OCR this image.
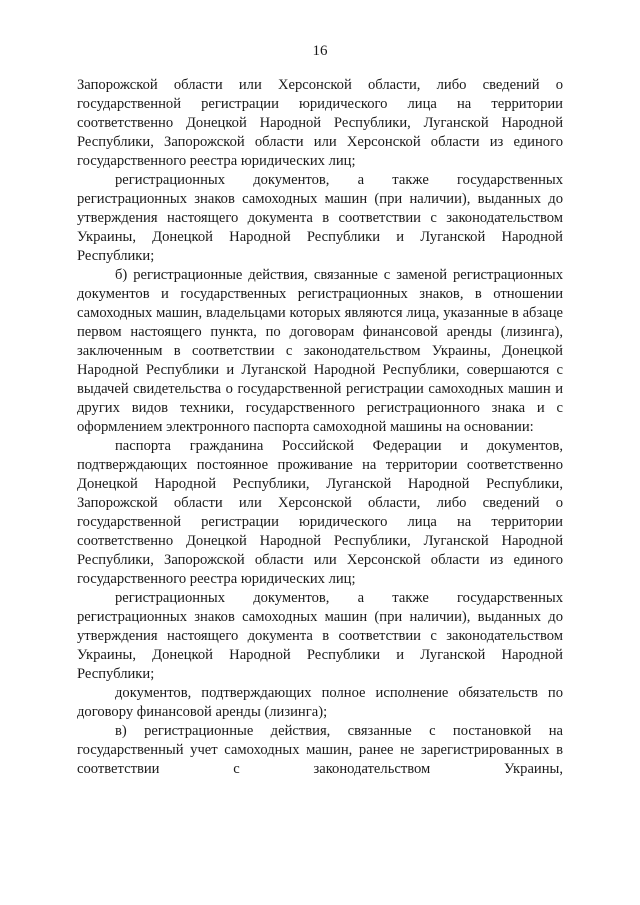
16

Запорожской области или Херсонской области, либо сведений о государственной регистрации юридического лица на территории соответственно Донецкой Народной Республики, Луганской Народной Республики, Запорожской области или Херсонской области из единого государственного реестра юридических лиц;

регистрационных документов, а также государственных регистрационных знаков самоходных машин (при наличии), выданных до утверждения настоящего документа в соответствии с законодательством Украины, Донецкой Народной Республики и Луганской Народной Республики;

б) регистрационные действия, связанные с заменой регистрационных документов и государственных регистрационных знаков, в отношении самоходных машин, владельцами которых являются лица, указанные в абзаце первом настоящего пункта, по договорам финансовой аренды (лизинга), заключенным в соответствии с законодательством Украины, Донецкой Народной Республики и Луганской Народной Республики, совершаются с выдачей свидетельства о государственной регистрации самоходных машин и других видов техники, государственного регистрационного знака и с оформлением электронного паспорта самоходной машины на основании:

паспорта гражданина Российской Федерации и документов, подтверждающих постоянное проживание на территории соответственно Донецкой Народной Республики, Луганской Народной Республики, Запорожской области или Херсонской области, либо сведений о государственной регистрации юридического лица на территории соответственно Донецкой Народной Республики, Луганской Народной Республики, Запорожской области или Херсонской области из единого государственного реестра юридических лиц;

регистрационных документов, а также государственных регистрационных знаков самоходных машин (при наличии), выданных до утверждения настоящего документа в соответствии с законодательством Украины, Донецкой Народной Республики и Луганской Народной Республики;

документов, подтверждающих полное исполнение обязательств по договору финансовой аренды (лизинга);

в) регистрационные действия, связанные с постановкой на государственный учет самоходных машин, ранее не зарегистрированных в соответствии с законодательством Украины,
